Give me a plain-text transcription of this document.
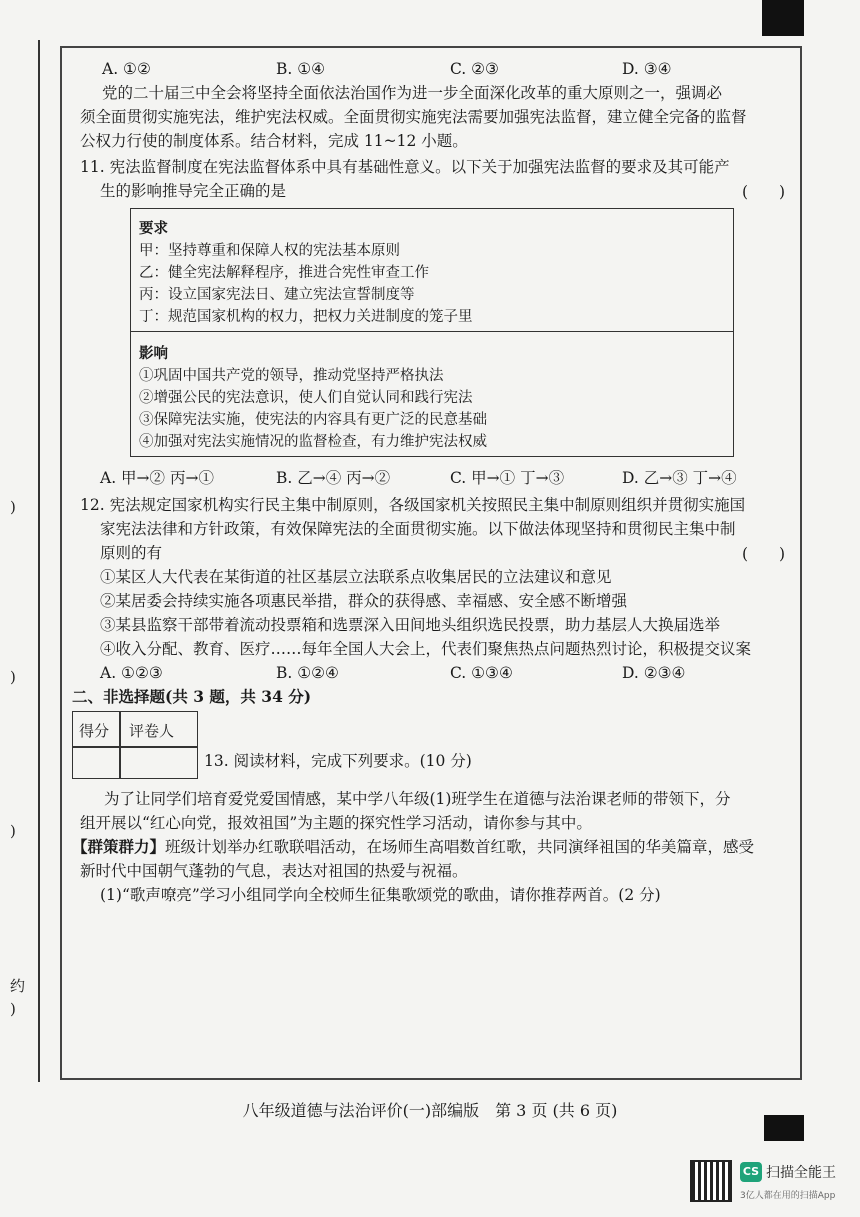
)
)
)
约
)
A. ①②	B. ①④	C. ②③	D. ③④
党的二十届三中全会将坚持全面依法治国作为进一步全面深化改革的重大原则之一，强调必
须全面贯彻实施宪法，维护宪法权威。全面贯彻实施宪法需要加强宪法监督，建立健全完备的监督
公权力行使的制度体系。结合材料，完成 11~12 小题。
11. 宪法监督制度在宪法监督体系中具有基础性意义。以下关于加强宪法监督的要求及其可能产
生的影响推导完全正确的是	(　　)
要求
甲：坚持尊重和保障人权的宪法基本原则
乙：健全宪法解释程序，推进合宪性审查工作
丙：设立国家宪法日、建立宪法宣誓制度等
丁：规范国家机构的权力，把权力关进制度的笼子里
影响
①巩固中国共产党的领导，推动党坚持严格执法
②增强公民的宪法意识，使人们自觉认同和践行宪法
③保障宪法实施，使宪法的内容具有更广泛的民意基础
④加强对宪法实施情况的监督检查，有力维护宪法权威
A. 甲→② 丙→①	B. 乙→④ 丙→②	C. 甲→① 丁→③	D. 乙→③ 丁→④
12. 宪法规定国家机构实行民主集中制原则，各级国家机关按照民主集中制原则组织并贯彻实施国
家宪法法律和方针政策，有效保障宪法的全面贯彻实施。以下做法体现坚持和贯彻民主集中制
原则的有	(　　)
①某区人大代表在某街道的社区基层立法联系点收集居民的立法建议和意见
②某居委会持续实施各项惠民举措，群众的获得感、幸福感、安全感不断增强
③某县监察干部带着流动投票箱和选票深入田间地头组织选民投票，助力基层人大换届选举
④收入分配、教育、医疗……每年全国人大会上，代表们聚焦热点问题热烈讨论，积极提交议案
A. ①②③	B. ①②④	C. ①③④	D. ②③④
二、非选择题(共 3 题，共 34 分)
得分 评卷人
13. 阅读材料，完成下列要求。(10 分)
为了让同学们培育爱党爱国情感，某中学八年级(1)班学生在道德与法治课老师的带领下，分
组开展以“红心向党，报效祖国”为主题的探究性学习活动，请你参与其中。
【群策群力】班级计划举办红歌联唱活动，在场师生高唱数首红歌，共同演绎祖国的华美篇章，感受
新时代中国朝气蓬勃的气息，表达对祖国的热爱与祝福。
(1)“歌声嘹亮”学习小组同学向全校师生征集歌颂党的歌曲，请你推荐两首。(2 分)
八年级道德与法治评价(一)部编版　第 3 页 (共 6 页)
CS 扫描全能王
3亿人都在用的扫描App
